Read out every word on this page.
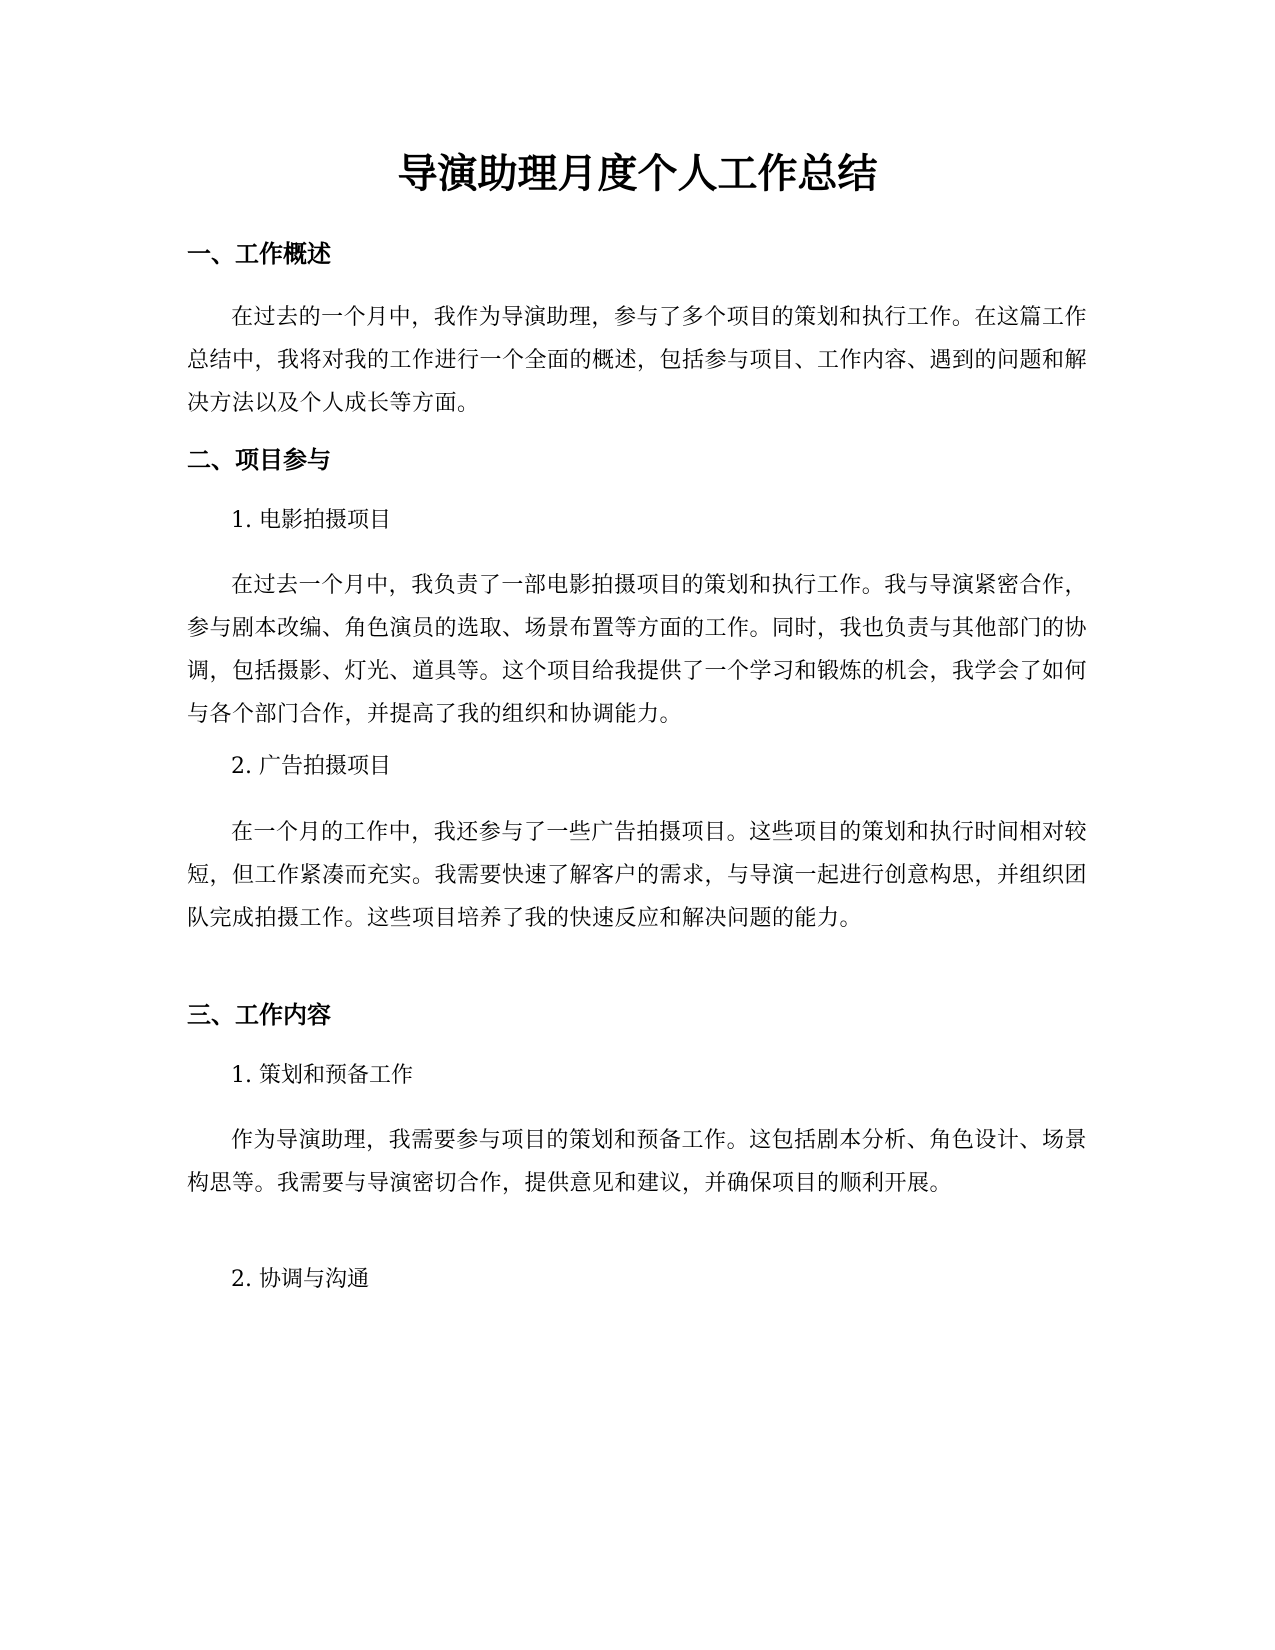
导演助理月度个人工作总结
一、工作概述

在过去的一个月中，我作为导演助理，参与了多个项目的策划和执行工作。在这篇工作总结中，我将对我的工作进行一个全面的概述，包括参与项目、工作内容、遇到的问题和解决方法以及个人成长等方面。

二、项目参与
1. 电影拍摄项目

在过去一个月中，我负责了一部电影拍摄项目的策划和执行工作。我与导演紧密合作，参与剧本改编、角色演员的选取、场景布置等方面的工作。同时，我也负责与其他部门的协调，包括摄影、灯光、道具等。这个项目给我提供了一个学习和锻炼的机会，我学会了如何与各个部门合作，并提高了我的组织和协调能力。

2. 广告拍摄项目

在一个月的工作中，我还参与了一些广告拍摄项目。这些项目的策划和执行时间相对较短，但工作紧凑而充实。我需要快速了解客户的需求，与导演一起进行创意构思，并组织团队完成拍摄工作。这些项目培养了我的快速反应和解决问题的能力。

三、工作内容
1. 策划和预备工作

作为导演助理，我需要参与项目的策划和预备工作。这包括剧本分析、角色设计、场景构思等。我需要与导演密切合作，提供意见和建议，并确保项目的顺利开展。

2. 协调与沟通
